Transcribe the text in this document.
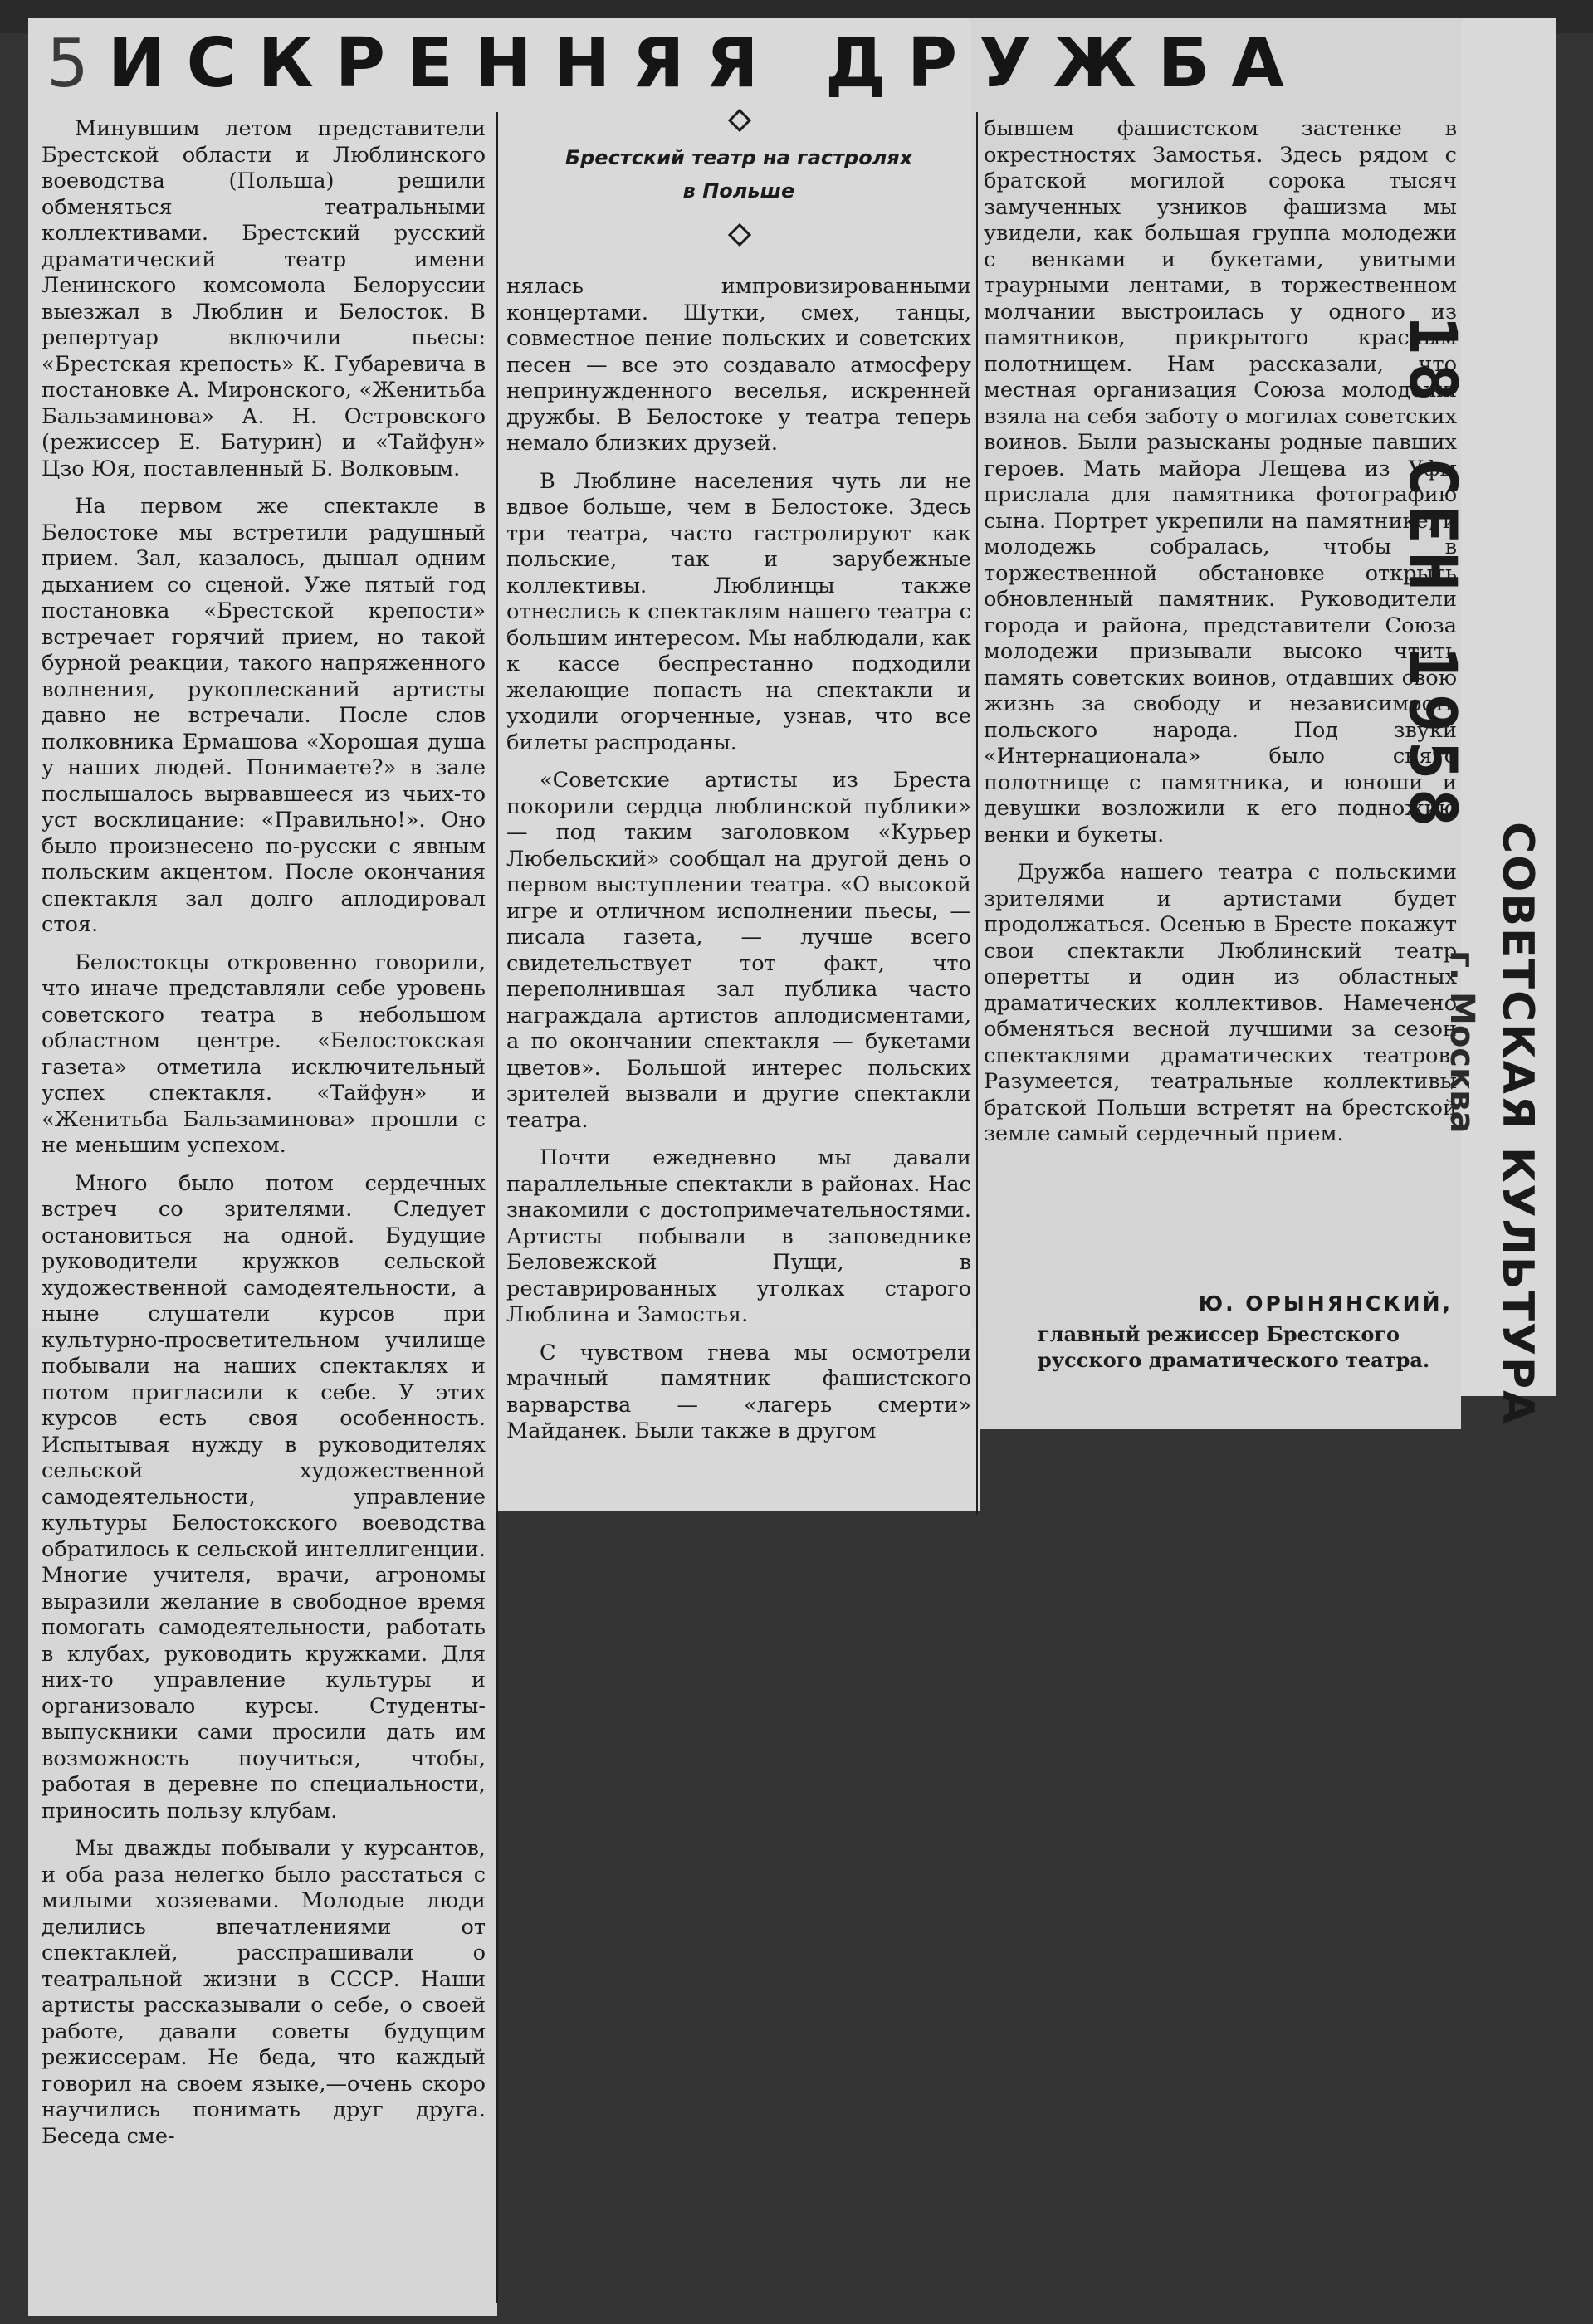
5 ИСКРЕННЯЯ ДРУЖБА
Брестский театр на гастролях
в Польше

Минувшим летом представители Брестской области и Люблинского воеводства (Польша) решили обменяться театральными коллективами. Брестский русский драматический театр имени Ленинского комсомола Белоруссии выезжал в Люблин и Белосток. В репертуар включили пьесы: «Брестская крепость» К. Губаревича в постановке А. Миронского, «Женитьба Бальзаминова» А. Н. Островского (режиссер Е. Батурин) и «Тайфун» Цзо Юя, поставленный Б. Волковым.

На первом же спектакле в Белостоке мы встретили радушный прием. Зал, казалось, дышал одним дыханием со сценой. Уже пятый год постановка «Брестской крепости» встречает горячий прием, но такой бурной реакции, такого напряженного волнения, рукоплесканий артисты давно не встречали. После слов полковника Ермашова «Хорошая душа у наших людей. Понимаете?» в зале послышалось вырвавшееся из чьих-то уст восклицание: «Правильно!». Оно было произнесено по-русски с явным польским акцентом. После окончания спектакля зал долго аплодировал стоя.

Белостокцы откровенно говорили, что иначе представляли себе уровень советского театра в небольшом областном центре. «Белостокская газета» отметила исключительный успех спектакля. «Тайфун» и «Женитьба Бальзаминова» прошли с не меньшим успехом.

Много было потом сердечных встреч со зрителями. Следует остановиться на одной. Будущие руководители кружков сельской художественной самодеятельности, а ныне слушатели курсов при культурно-просветительном училище побывали на наших спектаклях и потом пригласили к себе. У этих курсов есть своя особенность. Испытывая нужду в руководителях сельской художественной самодеятельности, управление культуры Белостокского воеводства обратилось к сельской интеллигенции. Многие учителя, врачи, агрономы выразили желание в свободное время помогать самодеятельности, работать в клубах, руководить кружками. Для них-то управление культуры и организовало курсы. Студенты-выпускники сами просили дать им возможность поучиться, чтобы, работая в деревне по специальности, приносить пользу клубам.

Мы дважды побывали у курсантов, и оба раза нелегко было расстаться с милыми хозяевами. Молодые люди делились впечатлениями от спектаклей, расспрашивали о театральной жизни в СССР. Наши артисты рассказывали о себе, о своей работе, давали советы будущим режиссерам. Не беда, что каждый говорил на своем языке,—очень скоро научились понимать друг друга. Беседа сме-

нялась импровизированными концертами. Шутки, смех, танцы, совместное пение польских и советских песен — все это создавало атмосферу непринужденного веселья, искренней дружбы. В Белостоке у театра теперь немало близких друзей.

В Люблине населения чуть ли не вдвое больше, чем в Белостоке. Здесь три театра, часто гастролируют как польские, так и зарубежные коллективы. Люблинцы также отнеслись к спектаклям нашего театра с большим интересом. Мы наблюдали, как к кассе беспрестанно подходили желающие попасть на спектакли и уходили огорченные, узнав, что все билеты распроданы.

«Советские артисты из Бреста покорили сердца люблинской публики» — под таким заголовком «Курьер Любельский» сообщал на другой день о первом выступлении театра. «О высокой игре и отличном исполнении пьесы, — писала газета, — лучше всего свидетельствует тот факт, что переполнившая зал публика часто награждала артистов аплодисментами, а по окончании спектакля — букетами цветов». Большой интерес польских зрителей вызвали и другие спектакли театра.

Почти ежедневно мы давали параллельные спектакли в районах. Нас знакомили с достопримечательностями. Артисты побывали в заповеднике Беловежской Пущи, в реставрированных уголках старого Люблина и Замостья.

С чувством гнева мы осмотрели мрачный памятник фашистского варварства — «лагерь смерти» Майданек. Были также в другом

бывшем фашистском застенке в окрестностях Замостья. Здесь рядом с братской могилой сорока тысяч замученных узников фашизма мы увидели, как большая группа молодежи с венками и букетами, увитыми траурными лентами, в торжественном молчании выстроилась у одного из памятников, прикрытого красным полотнищем. Нам рассказали, что местная организация Союза молодежи взяла на себя заботу о могилах советских воинов. Были разысканы родные павших героев. Мать майора Лещева из Уфы прислала для памятника фотографию сына. Портрет укрепили на памятнике, и молодежь собралась, чтобы в торжественной обстановке открыть обновленный памятник. Руководители города и района, представители Союза молодежи призывали высоко чтить память советских воинов, отдавших свою жизнь за свободу и независимость польского народа. Под звуки «Интернационала» было снято полотнище с памятника, и юноши и девушки возложили к его подножию венки и букеты.

Дружба нашего театра с польскими зрителями и артистами будет продолжаться. Осенью в Бресте покажут свои спектакли Люблинский театр оперетты и один из областных драматических коллективов. Намечено обменяться весной лучшими за сезон спектаклями драматических театров. Разумеется, театральные коллективы братской Польши встретят на брестской земле самый сердечный прием.

Ю. ОРЫНЯНСКИЙ,
главный режиссер Брестского русского драматического театра.
18 СЕН 1958
СОВЕТСКАЯ КУЛЬТУРА
г. Москва
